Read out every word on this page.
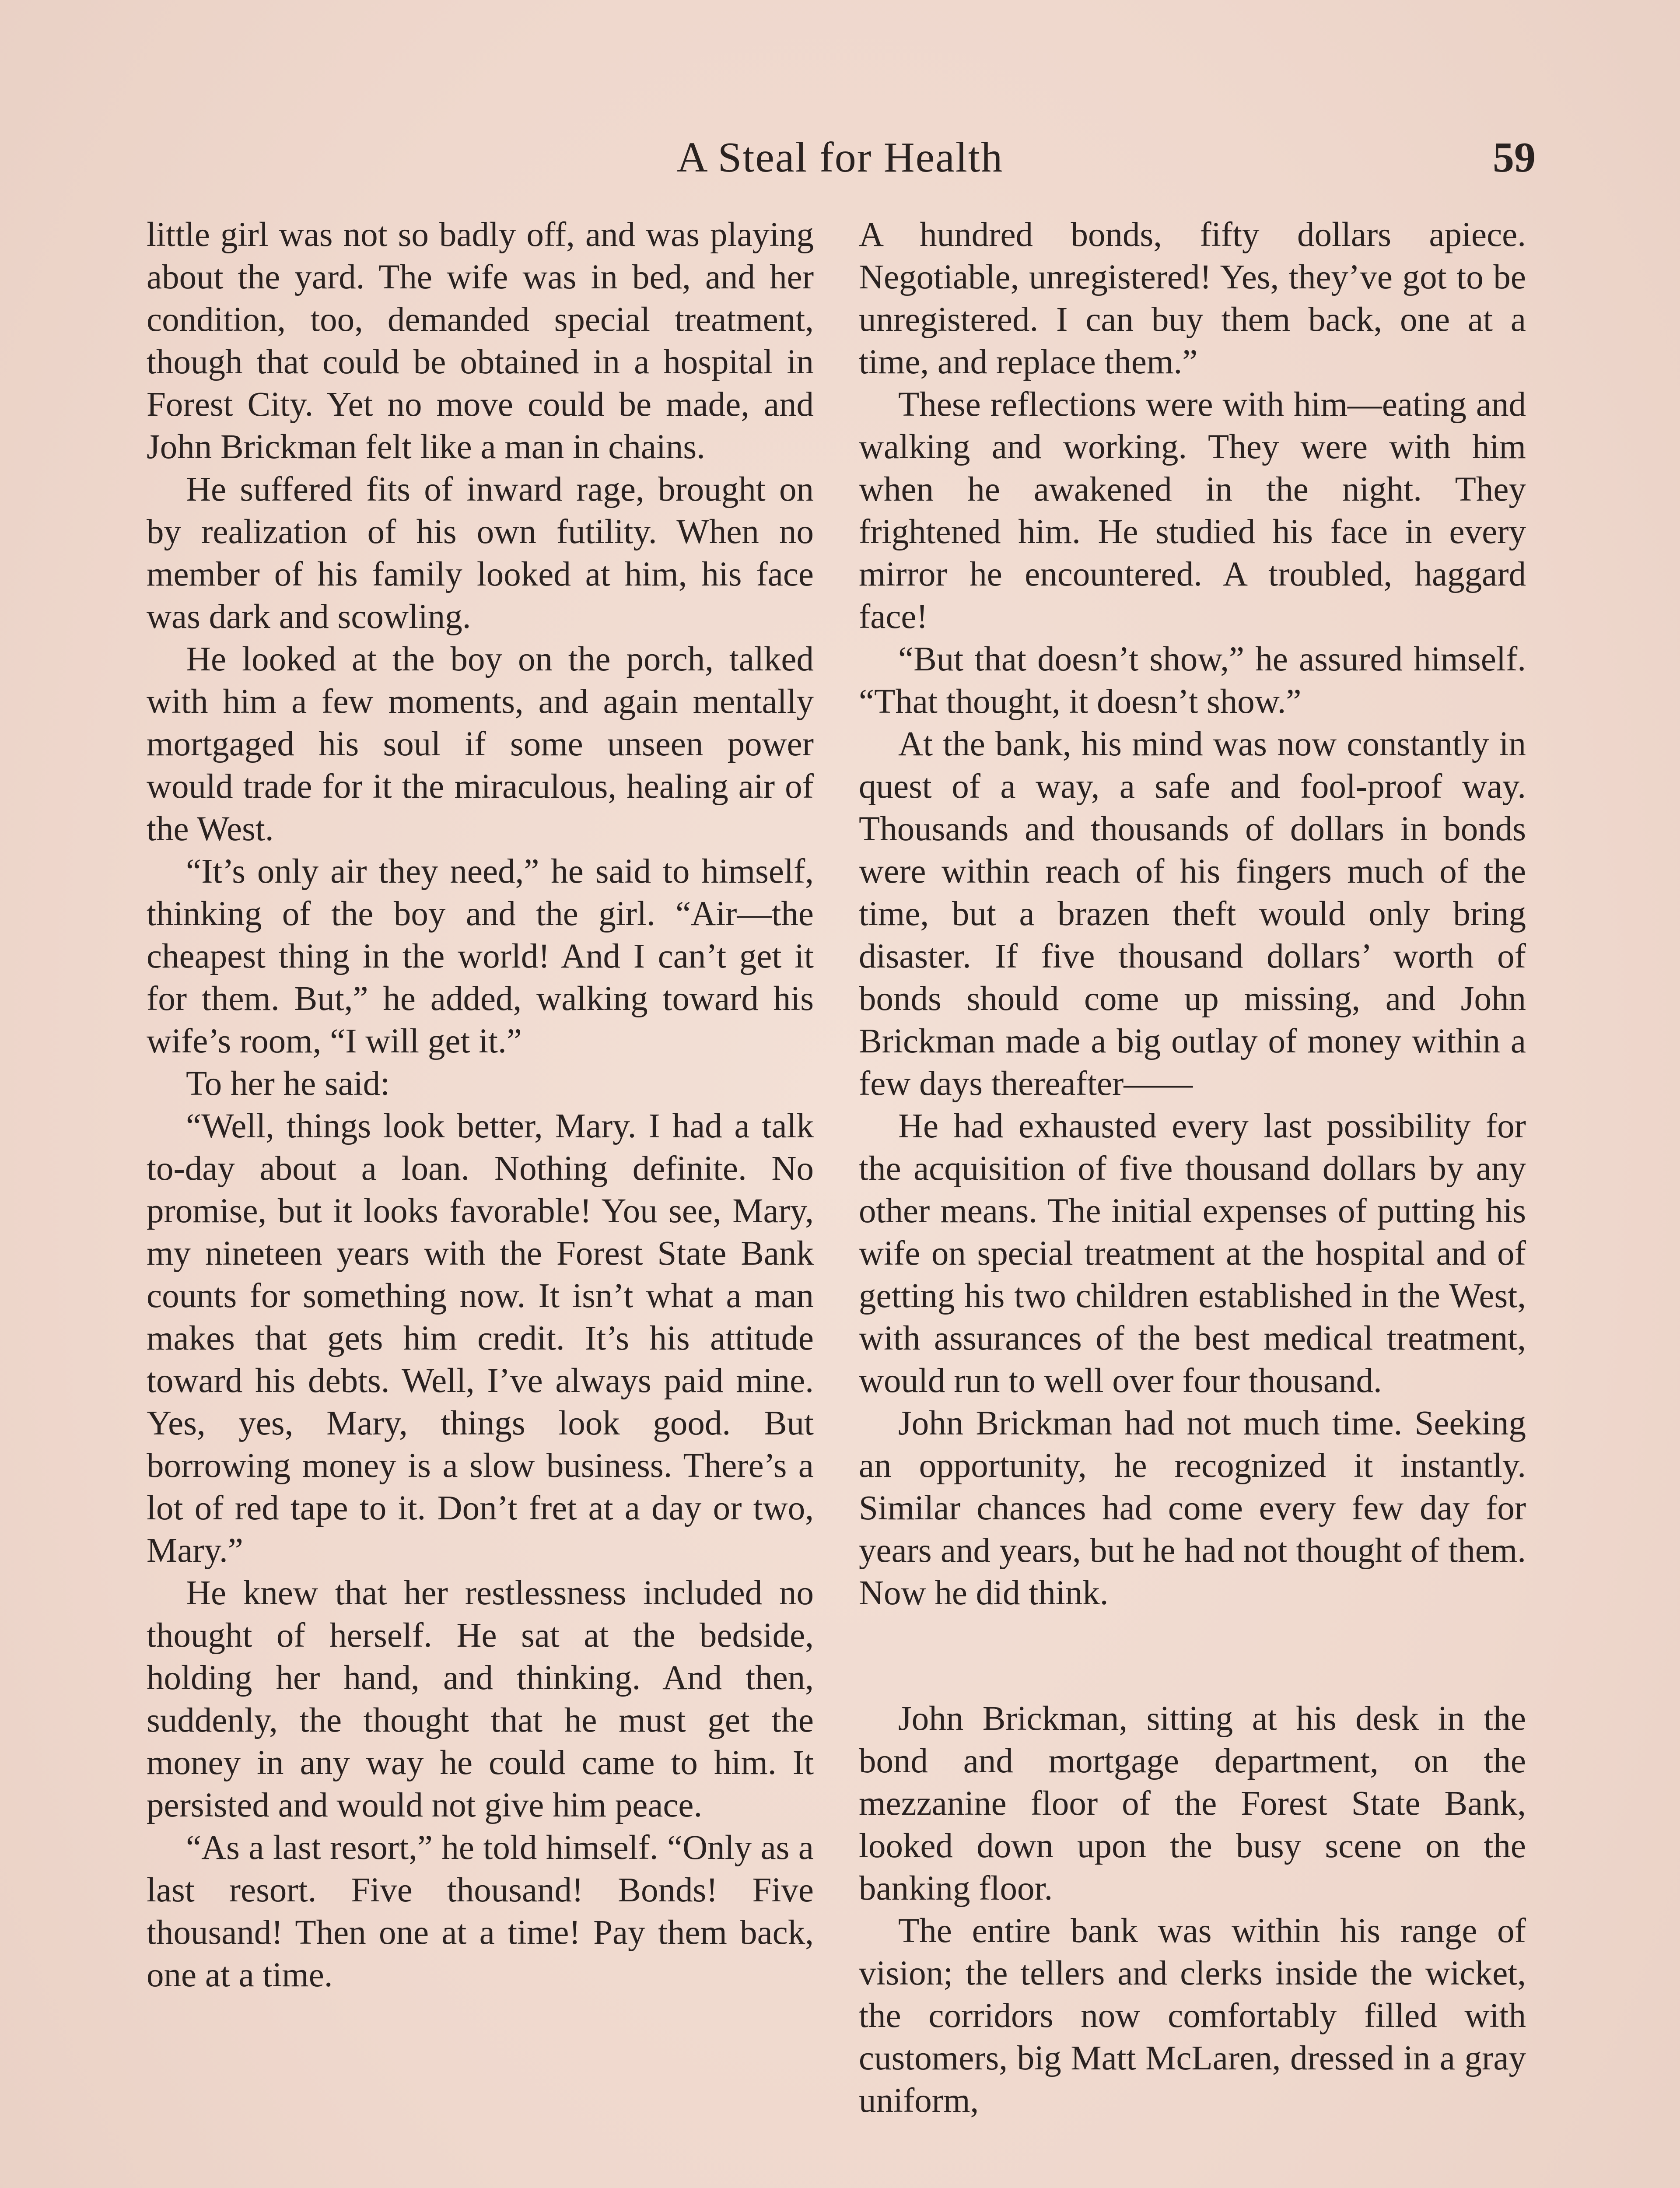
A Steal for Health	59

little girl was not so badly off, and was playing about the yard. The wife was in bed, and her condition, too, demanded special treatment, though that could be obtained in a hospital in Forest City. Yet no move could be made, and John Brickman felt like a man in chains.

He suffered fits of inward rage, brought on by realization of his own futility. When no member of his family looked at him, his face was dark and scowling.

He looked at the boy on the porch, talked with him a few moments, and again mentally mortgaged his soul if some unseen power would trade for it the miraculous, healing air of the West.

“It’s only air they need,” he said to himself, thinking of the boy and the girl. “Air—the cheapest thing in the world! And I can’t get it for them. But,” he added, walking toward his wife’s room, “I will get it.”

To her he said:

“Well, things look better, Mary. I had a talk to-day about a loan. Nothing definite. No promise, but it looks favorable! You see, Mary, my nineteen years with the Forest State Bank counts for something now. It isn’t what a man makes that gets him credit. It’s his attitude toward his debts. Well, I’ve always paid mine. Yes, yes, Mary, things look good. But borrowing money is a slow business. There’s a lot of red tape to it. Don’t fret at a day or two, Mary.”

He knew that her restlessness included no thought of herself. He sat at the bedside, holding her hand, and thinking. And then, suddenly, the thought that he must get the money in any way he could came to him. It persisted and would not give him peace.

“As a last resort,” he told himself. “Only as a last resort. Five thousand! Bonds! Five thousand! Then one at a time! Pay them back, one at a time.

A hundred bonds, fifty dollars apiece. Negotiable, unregistered! Yes, they’ve got to be unregistered. I can buy them back, one at a time, and replace them.”

These reflections were with him—eating and walking and working. They were with him when he awakened in the night. They frightened him. He studied his face in every mirror he encountered. A troubled, haggard face!

“But that doesn’t show,” he assured himself. “That thought, it doesn’t show.”

At the bank, his mind was now constantly in quest of a way, a safe and fool-proof way. Thousands and thousands of dollars in bonds were within reach of his fingers much of the time, but a brazen theft would only bring disaster. If five thousand dollars’ worth of bonds should come up missing, and John Brickman made a big outlay of money within a few days thereafter——

He had exhausted every last possibility for the acquisition of five thousand dollars by any other means. The initial expenses of putting his wife on special treatment at the hospital and of getting his two children established in the West, with assurances of the best medical treatment, would run to well over four thousand.

John Brickman had not much time. Seeking an opportunity, he recognized it instantly. Similar chances had come every few day for years and years, but he had not thought of them. Now he did think.

John Brickman, sitting at his desk in the bond and mortgage department, on the mezzanine floor of the Forest State Bank, looked down upon the busy scene on the banking floor.

The entire bank was within his range of vision; the tellers and clerks inside the wicket, the corridors now comfortably filled with customers, big Matt McLaren, dressed in a gray uniform,
